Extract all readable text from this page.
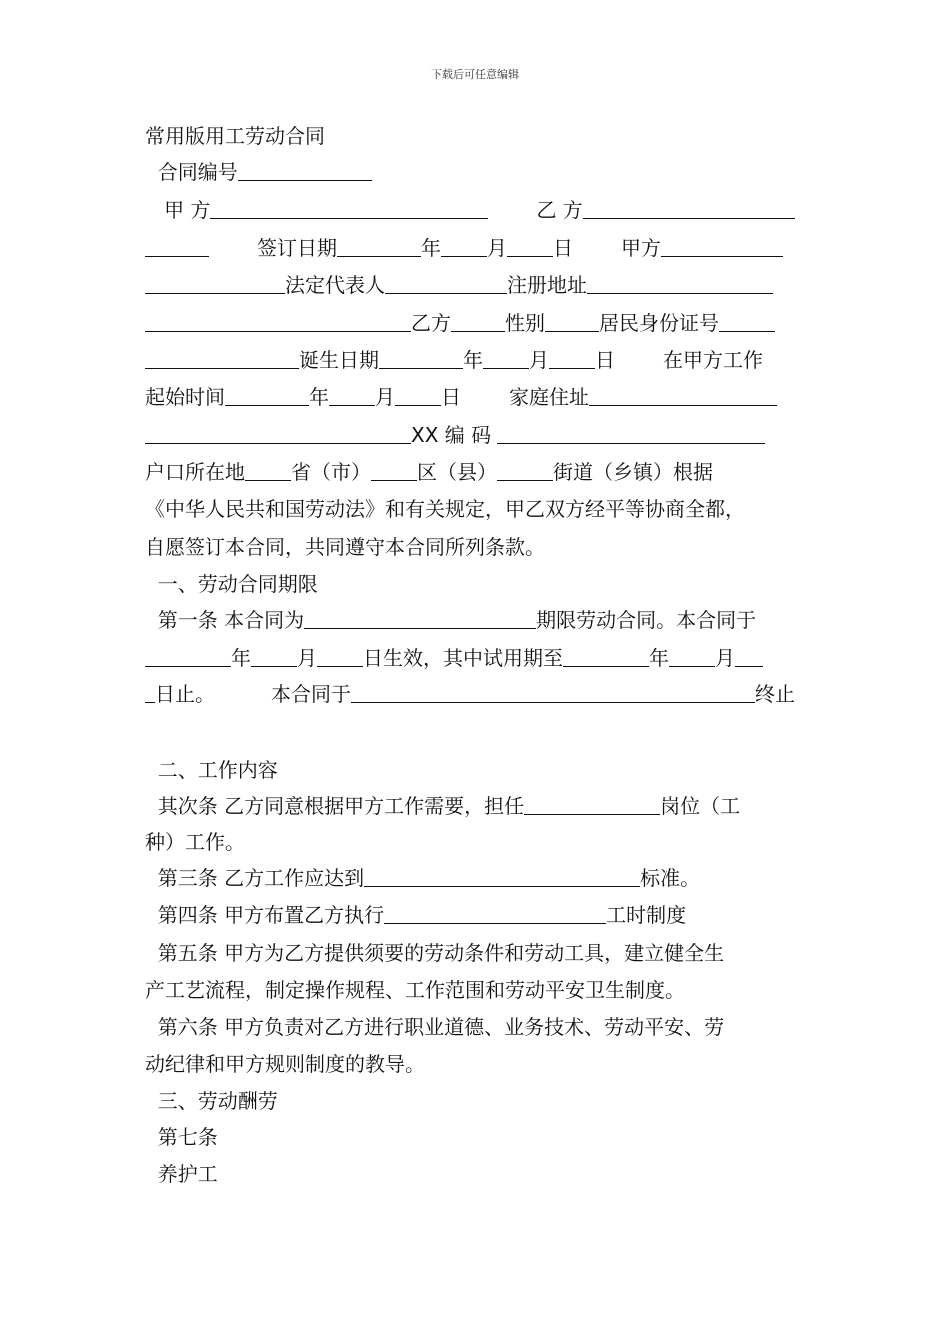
下载后可任意编辑
常用版用工劳动合同
合同编号
甲 方	乙 方
签订日期	年 月 日 甲方
法定代表人	注册地址
乙方	性别	居民身份证号
诞生日期	年 月 日 在甲方工作
起始时间	年 月 日 家庭住址
XX 编 码
户口所在地 省（市） 区（县）	街道（乡镇）根据
《中华人民共和国劳动法》和有关规定，甲乙双方经平等协商全都，
自愿签订本合同，共同遵守本合同所列条款。
一、劳动合同期限
第一条 本合同为	期限劳动合同。本合同于
年 月 日生效，其中试用期至	年 月
日止。	本合同于	终止
二、工作内容
其次条 乙方同意根据甲方工作需要，担任	岗位（工
种）工作。
第三条 乙方工作应达到	标准。
第四条 甲方布置乙方执行	工时制度
第五条 甲方为乙方提供须要的劳动条件和劳动工具，建立健全生
产工艺流程，制定操作规程、工作范围和劳动平安卫生制度。
第六条 甲方负责对乙方进行职业道德、业务技术、劳动平安、劳
动纪律和甲方规则制度的教导。
三、劳动酬劳
第七条
养护工
